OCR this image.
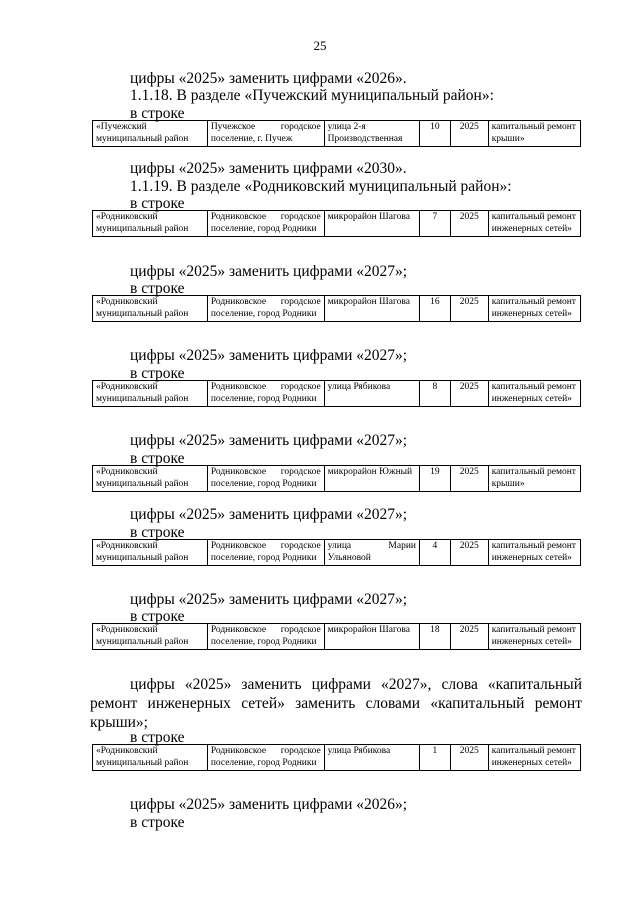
25
цифры «2025» заменить цифрами «2026».
1.1.18. В разделе «Пучежский муниципальный район»:
в строке
«Пучежский муниципальный район	Пучежское городское поселение, г. Пучеж	улица 2-я Производственная	10	2025	капитальный ремонт крыши»
цифры «2025» заменить цифрами «2030».
1.1.19. В разделе «Родниковский муниципальный район»:
в строке
«Родниковский муниципальный район	Родниковское городское поселение, город Родники	микрорайон Шагова	7	2025	капитальный ремонт инженерных сетей»
цифры «2025» заменить цифрами «2027»;
в строке
«Родниковский муниципальный район	Родниковское городское поселение, город Родники	микрорайон Шагова	16	2025	капитальный ремонт инженерных сетей»
цифры «2025» заменить цифрами «2027»;
в строке
«Родниковский муниципальный район	Родниковское городское поселение, город Родники	улица Рябикова	8	2025	капитальный ремонт инженерных сетей»
цифры «2025» заменить цифрами «2027»;
в строке
«Родниковский муниципальный район	Родниковское городское поселение, город Родники	микрорайон Южный	19	2025	капитальный ремонт крыши»
цифры «2025» заменить цифрами «2027»;
в строке
«Родниковский муниципальный район	Родниковское городское поселение, город Родники	улица Марии Ульяновой	4	2025	капитальный ремонт инженерных сетей»
цифры «2025» заменить цифрами «2027»;
в строке
«Родниковский муниципальный район	Родниковское городское поселение, город Родники	микрорайон Шагова	18	2025	капитальный ремонт инженерных сетей»
цифры «2025» заменить цифрами «2027», слова «капитальный
ремонт инженерных сетей» заменить словами «капитальный ремонт
крыши»;
в строке
«Родниковский муниципальный район	Родниковское городское поселение, город Родники	улица Рябикова	1	2025	капитальный ремонт инженерных сетей»
цифры «2025» заменить цифрами «2026»;
в строке
